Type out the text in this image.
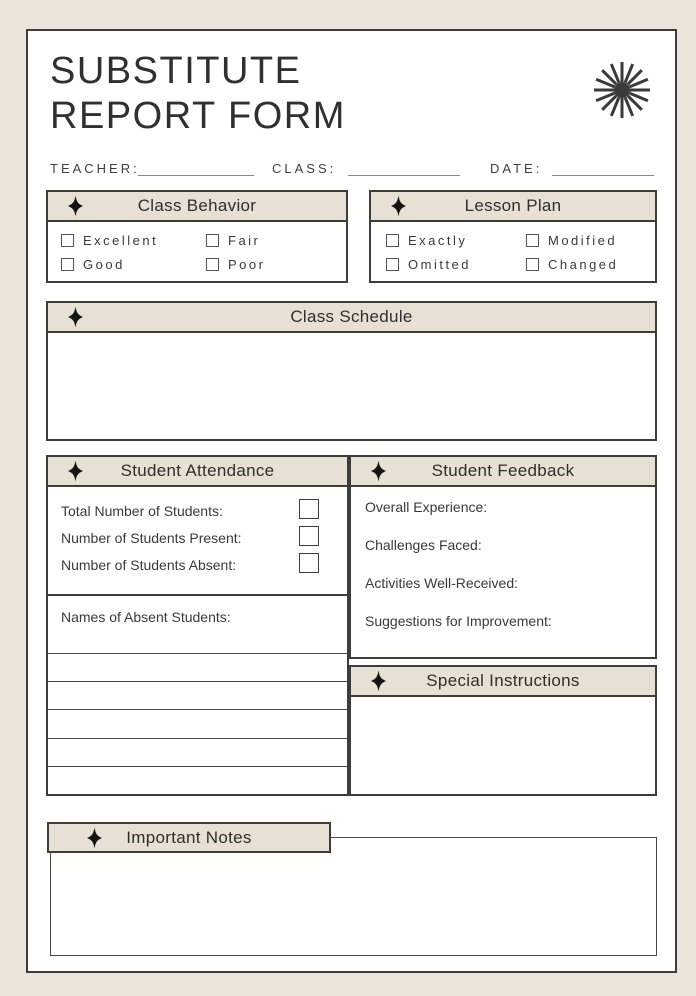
SUBSTITUTE
REPORT FORM
TEACHER:	CLASS:	DATE:
Class Behavior
Excellent	Fair
Good	Poor
Lesson Plan
Exactly	Modified
Omitted	Changed
Class Schedule
Student Attendance
Total Number of Students:
Number of Students Present:
Number of Students Absent:
Names of Absent Students:
Student Feedback
Overall Experience:
Challenges Faced:
Activities Well-Received:
Suggestions for Improvement:
Special Instructions
Important Notes
